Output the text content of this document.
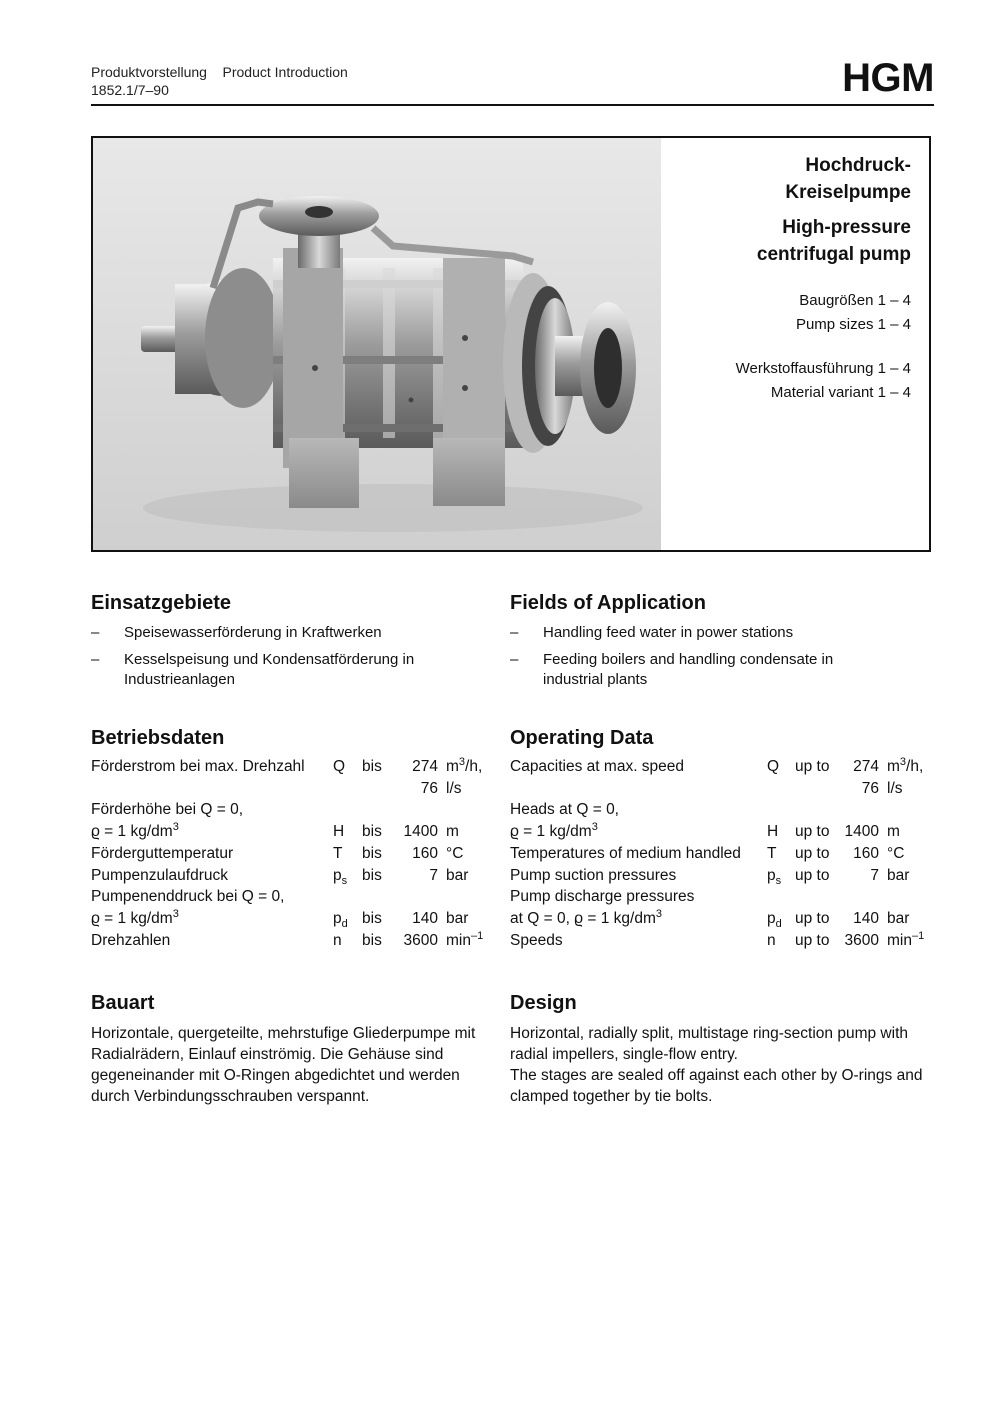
Produktvorstellung    Product Introduction
1852.1/7–90	HGM
Hochdruck-
Kreiselpumpe
High-pressure
centrifugal pump
Baugrößen 1 – 4
Pump sizes 1 – 4
Werkstoffausführung 1 – 4
Material variant 1 – 4
Einsatzgebiete
– Speisewasserförderung in Kraftwerken
– Kesselspeisung und Kondensatförderung in Industrieanlagen
Fields of Application
– Handling feed water in power stations
– Feeding boilers and handling condensate in industrial plants
Betriebsdaten
Förderstrom bei max. Drehzahl	Q	bis	274		$m^3/h$,
			76		l/s
Förderhöhe bei Q = 0,					
ϱ = 1 $kg/dm^3$	H	bis	1400		m
Förderguttemperatur	T	bis	160		°C
Pumpenzulaufdruck	$p_s$	bis	7		bar
Pumpenenddruck bei Q = 0,					
ϱ = 1 $kg/dm^3$	$p_d$	bis	140		bar
Drehzahlen	n	bis	3600		$\min^{-1}$
Operating Data
Capacities at max. speed	Q	up to	274		$m^3/h$,
			76		l/s
Heads at Q = 0,					
ϱ = 1 $kg/dm^3$	H	up to	1400		m
Temperatures of medium handled	T	up to	160		°C
Pump suction pressures	$p_s$	up to	7		bar
Pump discharge pressures					
at Q = 0, ϱ = 1 $kg/dm^3$	$p_d$	up to	140		bar
Speeds	n	up to	3600		$\min^{-1}$
Bauart

Horizontale, quergeteilte, mehrstufige Gliederpumpe mit Radialrädern, Einlauf einströmig. Die Gehäuse sind gegeneinander mit O-Ringen abgedichtet und werden durch Verbindungsschrauben verspannt.

Design

Horizontal, radially split, multistage ring-section pump with radial impellers, single-flow entry.

The stages are sealed off against each other by O-rings and clamped together by tie bolts.
